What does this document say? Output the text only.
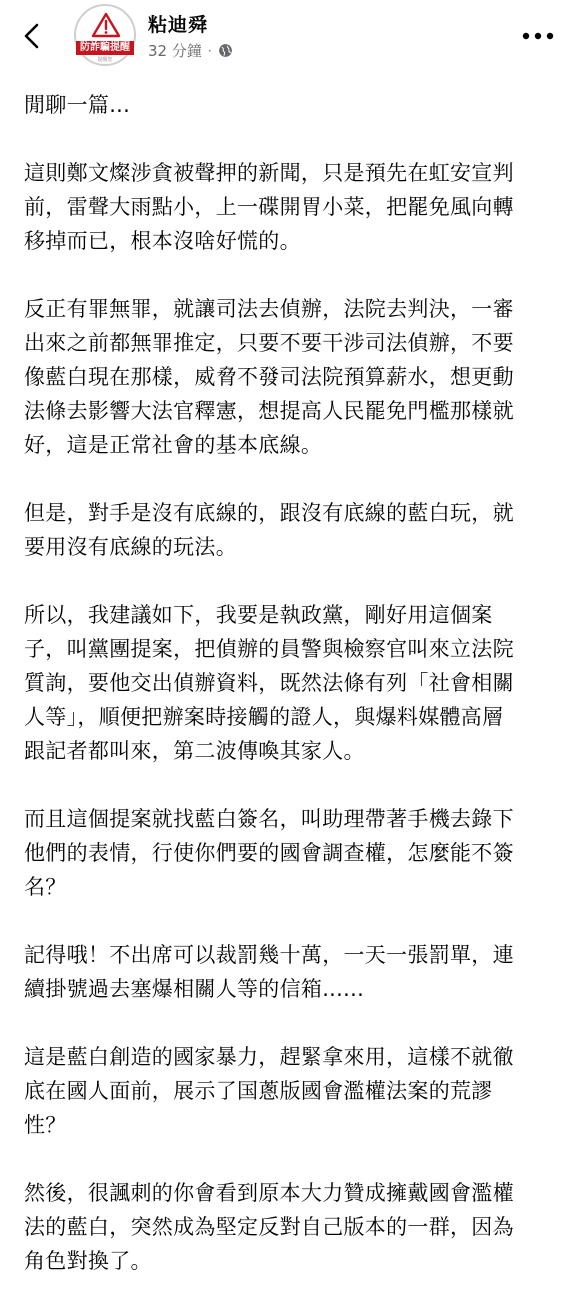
防詐騙提醒
提醒您
粘迪舜
32 分鐘 ·

閒聊一篇...

這則鄭文燦涉貪被聲押的新聞，只是預先在虹安宣判
前，雷聲大雨點小，上一碟開胃小菜，把罷免風向轉
移掉而已，根本沒啥好慌的。

反正有罪無罪，就讓司法去偵辦，法院去判決，一審
出來之前都無罪推定，只要不要干涉司法偵辦，不要
像藍白現在那樣，威脅不發司法院預算薪水，想更動
法條去影響大法官釋憲，想提高人民罷免門檻那樣就
好，這是正常社會的基本底線。

但是，對手是沒有底線的，跟沒有底線的藍白玩，就
要用沒有底線的玩法。

所以，我建議如下，我要是執政黨，剛好用這個案
子，叫黨團提案，把偵辦的員警與檢察官叫來立法院
質詢，要他交出偵辦資料，既然法條有列「社會相關
人等」，順便把辦案時接觸的證人，與爆料媒體高層
跟記者都叫來，第二波傳喚其家人。

而且這個提案就找藍白簽名，叫助理帶著手機去錄下
他們的表情，行使你們要的國會調查權，怎麼能不簽
名？

記得哦！不出席可以裁罰幾十萬，一天一張罰單，連
續掛號過去塞爆相關人等的信箱......

這是藍白創造的國家暴力，趕緊拿來用，這樣不就徹
底在國人面前，展示了国蔥版國會濫權法案的荒謬
性？

然後，很諷刺的你會看到原本大力贊成擁戴國會濫權
法的藍白，突然成為堅定反對自己版本的一群，因為
角色對換了。
